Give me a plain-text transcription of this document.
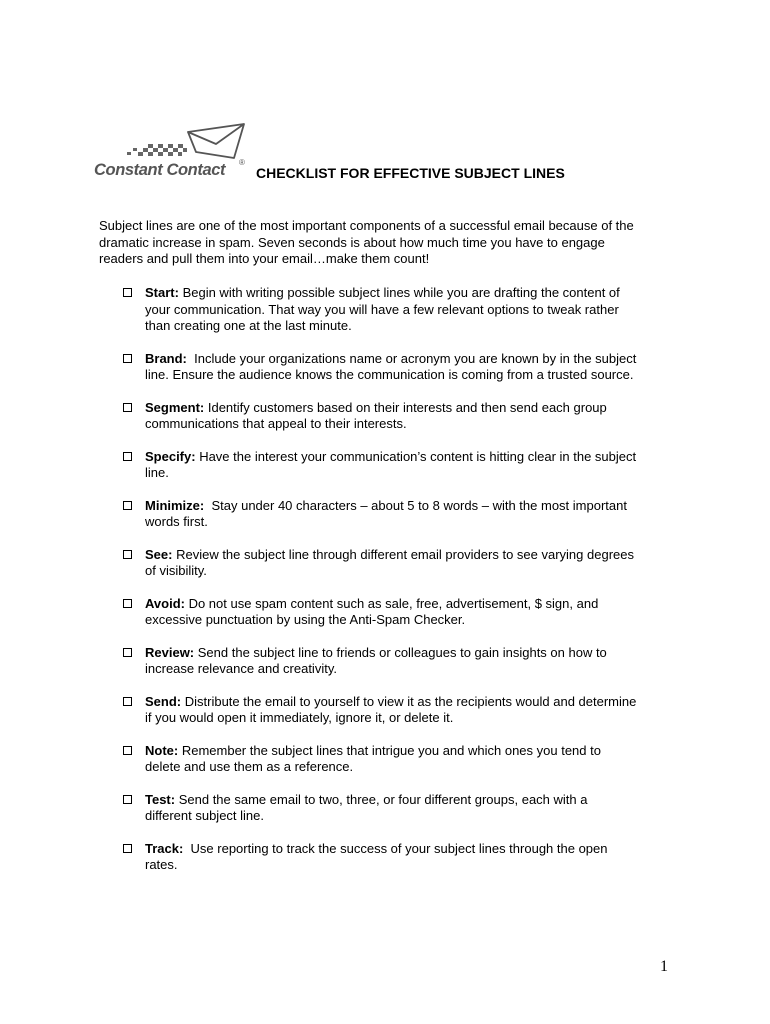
Constant Contact ®
CHECKLIST FOR EFFECTIVE SUBJECT LINES
Subject lines are one of the most important components of a successful email because of the
dramatic increase in spam. Seven seconds is about how much time you have to engage
readers and pull them into your email…make them count!
Start: Begin with writing possible subject lines while you are drafting the content of
your communication. That way you will have a few relevant options to tweak rather
than creating one at the last minute.
Brand:  Include your organizations name or acronym you are known by in the subject
line. Ensure the audience knows the communication is coming from a trusted source.
Segment: Identify customers based on their interests and then send each group
communications that appeal to their interests.
Specify: Have the interest your communication’s content is hitting clear in the subject
line.
Minimize:  Stay under 40 characters – about 5 to 8 words – with the most important
words first.
See: Review the subject line through different email providers to see varying degrees
of visibility.
Avoid: Do not use spam content such as sale, free, advertisement, $ sign, and
excessive punctuation by using the Anti-Spam Checker.
Review: Send the subject line to friends or colleagues to gain insights on how to
increase relevance and creativity.
Send: Distribute the email to yourself to view it as the recipients would and determine
if you would open it immediately, ignore it, or delete it.
Note: Remember the subject lines that intrigue you and which ones you tend to
delete and use them as a reference.
Test: Send the same email to two, three, or four different groups, each with a
different subject line.
Track:  Use reporting to track the success of your subject lines through the open
rates.
1
